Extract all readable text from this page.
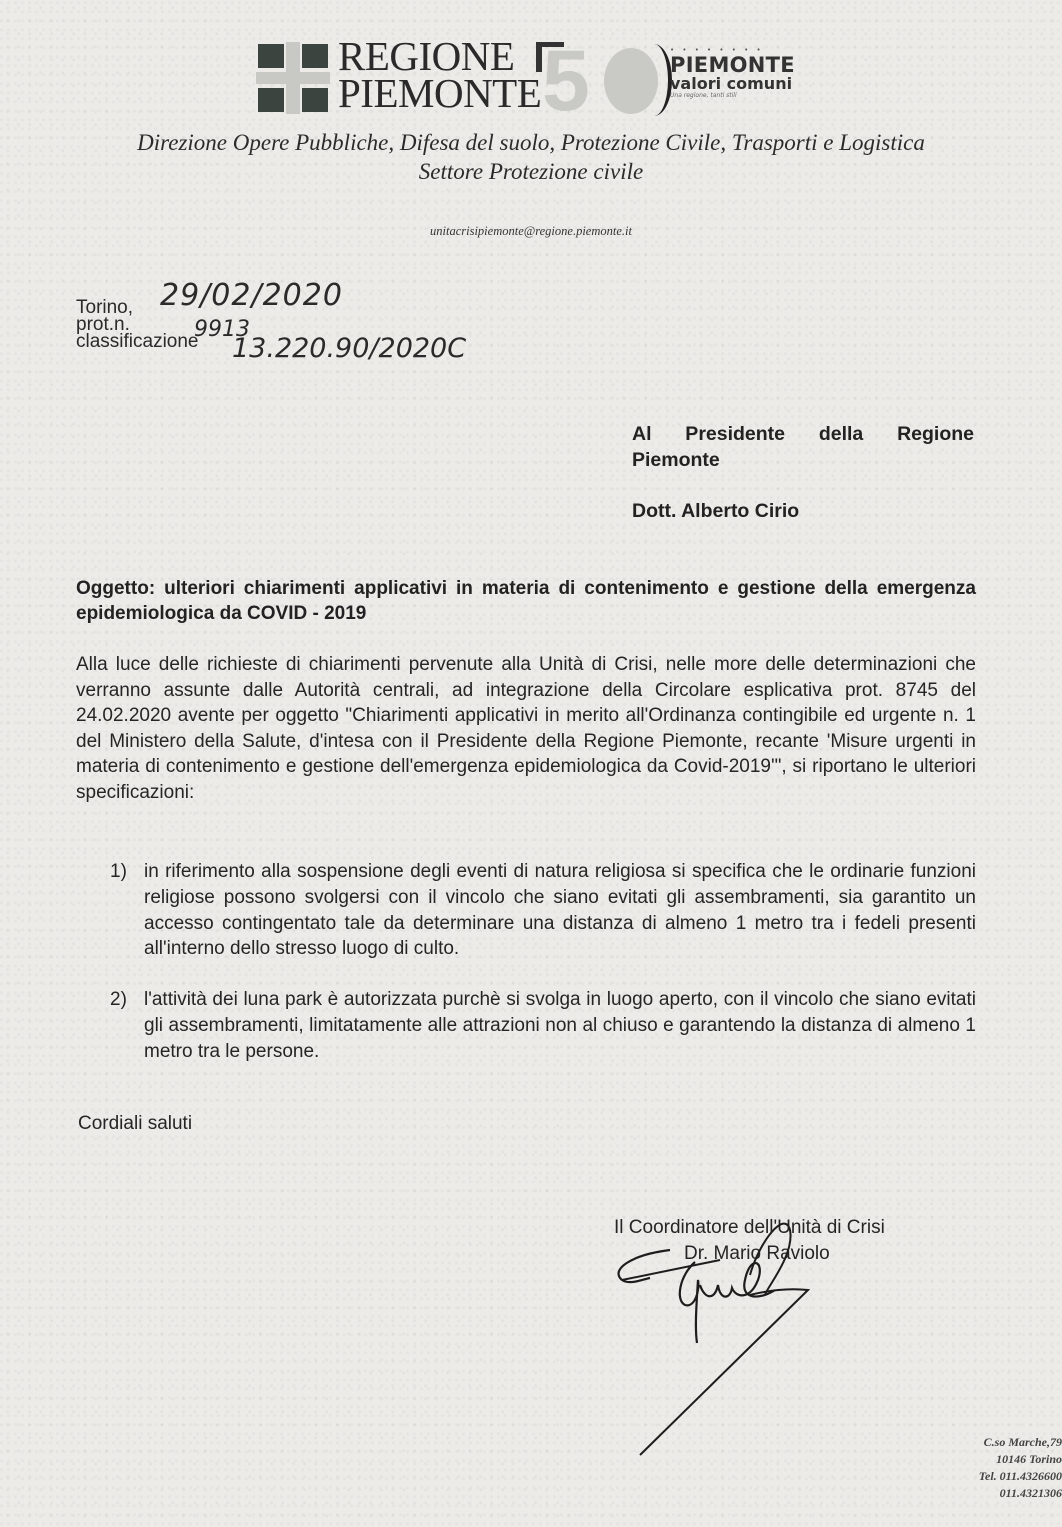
REGIONE
PIEMONTE 5	• • • • • • • •
PIEMONTE
valori comuni
Una regione, tanti stili
Direzione Opere Pubbliche, Difesa del suolo, Protezione Civile, Trasporti e Logistica
Settore Protezione civile
unitacrisipiemonte@regione.piemonte.it
Torino,
prot.n.
classificazione
29/02/2020
9913
13.220.90/2020C
Al Presidente della Regione Piemonte
Dott. Alberto Cirio
Oggetto: ulteriori chiarimenti applicativi in materia di contenimento e gestione della emergenza epidemiologica da COVID - 2019
Alla luce delle richieste di chiarimenti pervenute alla Unità di Crisi, nelle more delle determinazioni che verranno assunte dalle Autorità centrali, ad integrazione della Circolare esplicativa prot. 8745 del 24.02.2020 avente per oggetto "Chiarimenti applicativi in merito all'Ordinanza contingibile ed urgente n. 1 del Ministero della Salute, d'intesa con il Presidente della Regione Piemonte, recante 'Misure urgenti in materia di contenimento e gestione dell'emergenza epidemiologica da Covid-2019'", si riportano le ulteriori specificazioni:
1) in riferimento alla sospensione degli eventi di natura religiosa si specifica che le ordinarie funzioni religiose possono svolgersi con il vincolo che siano evitati gli assembramenti, sia garantito un accesso contingentato tale da determinare una distanza di almeno 1 metro tra i fedeli presenti all'interno dello stresso luogo di culto.
2) l'attività dei luna park è autorizzata purchè si svolga in luogo aperto, con il vincolo che siano evitati gli assembramenti, limitatamente alle attrazioni non al chiuso e garantendo la distanza di almeno 1 metro tra le persone.
Cordiali saluti
Il Coordinatore dell'Unità di Crisi
Dr. Mario Raviolo
C.so Marche,79
10146 Torino
Tel. 011.4326600
011.4321306
